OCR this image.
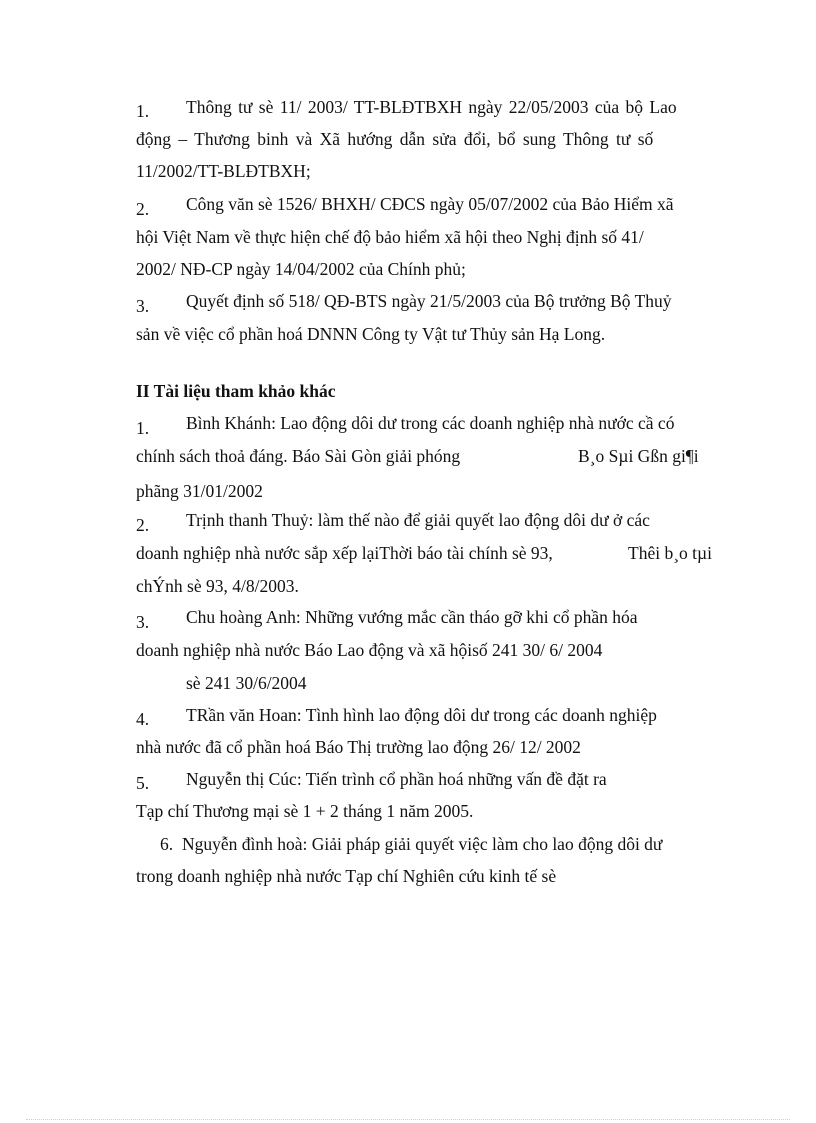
1. Thông tư sè 11/ 2003/ TT-BLĐTBXH ngày 22/05/2003 của bộ Lao
động – Thương binh và Xã hướng dẫn sửa đổi, bổ sung Thông tư số
11/2002/TT-BLĐTBXH;
2. Công văn sè 1526/ BHXH/ CĐCS ngày 05/07/2002 của Bảo Hiểm xã
hội Việt Nam về thực hiện chế độ bảo hiểm xã hội theo Nghị định số 41/
2002/ NĐ-CP ngày 14/04/2002 của Chính phủ;
3. Quyết định số 518/ QĐ-BTS ngày 21/5/2003 của Bộ trưởng Bộ Thuỷ
sản về việc cổ phần hoá DNNN Công ty Vật tư Thủy sản Hạ Long.
II Tài liệu tham khảo khác
1. Bình Khánh: Lao động dôi dư trong các doanh nghiệp nhà nước cầ có
chính sách thoả đáng. Báo Sài Gòn giải phóng	B¸o Sµi Gßn gi¶i
phãng 31/01/2002
2. Trịnh thanh Thuỷ: làm thế nào để giải quyết lao động dôi dư ở các
doanh nghiệp nhà nước sắp xếp lạiThời báo tài chính sè 93,	Thêi b¸o tµi
chÝnh sè 93, 4/8/2003.
3. Chu hoàng Anh: Những vướng mắc cần tháo gỡ khi cổ phần hóa
doanh nghiệp nhà nước Báo Lao động và xã hộisố 241 30/ 6/ 2004
sè 241 30/6/2004
4. TRần văn Hoan: Tình hình lao động dôi dư trong các doanh nghiệp
nhà nước đã cổ phần hoá Báo Thị trường lao động 26/ 12/ 2002
5. Nguyễn thị Cúc: Tiến trình cổ phần hoá những vấn đề đặt ra
Tạp chí Thương mại sè 1 + 2 tháng 1 năm 2005.
6. Nguyễn đình hoà: Giải pháp giải quyết việc làm cho lao động dôi dư
trong doanh nghiệp nhà nước Tạp chí Nghiên cứu kinh tế sè
